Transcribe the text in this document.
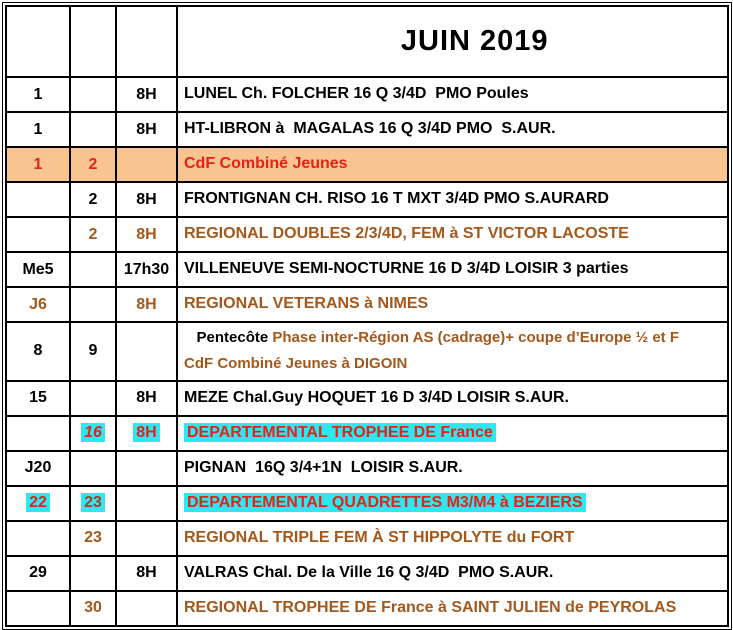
JUIN 2019

1		8H	LUNEL Ch. FOLCHER 16 Q 3/4D  PMO Poules
1		8H	HT-LIBRON à  MAGALAS 16 Q 3/4D PMO  S.AUR.
1	2		CdF Combiné Jeunes
	2	8H	FRONTIGNAN CH. RISO 16 T MXT 3/4D PMO S.AURARD
	2	8H	REGIONAL DOUBLES 2/3/4D, FEM à ST VICTOR LACOSTE
Me5		17h30	VILLENEUVE SEMI-NOCTURNE 16 D 3/4D LOISIR 3 parties
J6		8H	REGIONAL VETERANS à NIMES
8	9		Pentecôte Phase inter-Région AS (cadrage)+ coupe d’Europe ½ et F
CdF Combiné Jeunes à DIGOIN
15		8H	MEZE Chal.Guy HOQUET 16 D 3/4D LOISIR S.AUR.
	16	8H	DEPARTEMENTAL TROPHEE DE France
J20			PIGNAN  16Q 3/4+1N  LOISIR S.AUR.
22	23		DEPARTEMENTAL QUADRETTES M3/M4 à BEZIERS
	23		REGIONAL TRIPLE FEM À ST HIPPOLYTE du FORT
29		8H	VALRAS Chal. De la Ville 16 Q 3/4D  PMO S.AUR.
	30		REGIONAL TROPHEE DE France à SAINT JULIEN de PEYROLAS
